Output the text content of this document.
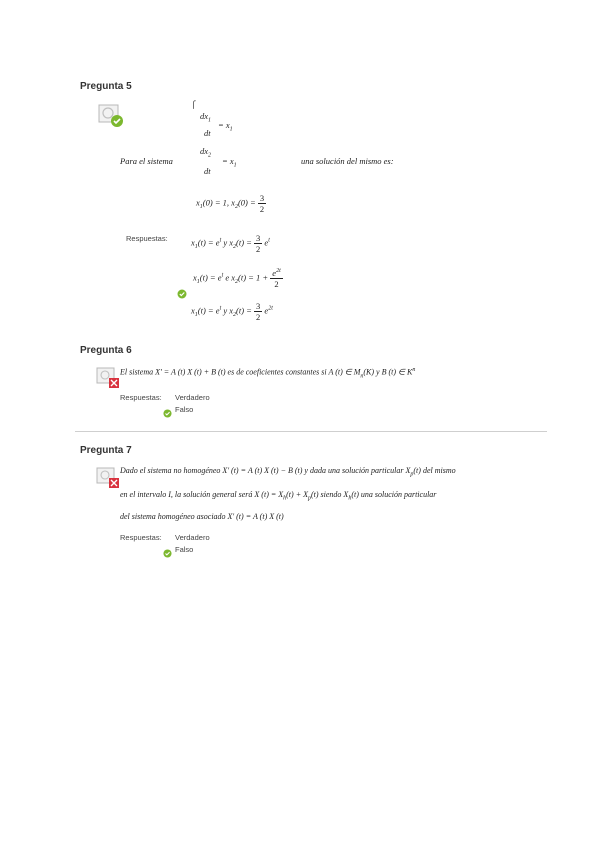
Pregunta 5
⎧
$dx_1$
dt
= $x_1$
Para el sistema
$dx_2$
dt
= $x_1$	una solución del mismo es:
$x_1(0) = 1$, $x_2(0) = \frac{3}{2}$
Respuestas:	$x_1(t) = e^t$ y $x_2(t) = \frac{3}{2} e^t$
$x_1(t) = e^t$ e $x_2(t) = 1 + \frac{e^{2t}}{2}$
$x_1(t) = e^t$ y $x_2(t) = \frac{3}{2} e^{2t}$
Pregunta 6
El sistema X' = A (t) X (t) + B (t) es de coeficientes constantes si A (t) ∈ $M_n(K)$ y B (t) ∈ $K^n$
Respuestas: Verdadero
Falso
Pregunta 7
Dado el sistema no homogéneo X' (t) = A (t) X (t) − B (t) y dada una solución particular $X_p(t)$ del mismo
en el intervalo I, la solución general será X $(t) = X_h(t) + X_p(t)$ siendo $X_h(t)$ una solución particular
del sistema homogéneo asociado X' (t) = A (t) X (t)
Respuestas: Verdadero
Falso
